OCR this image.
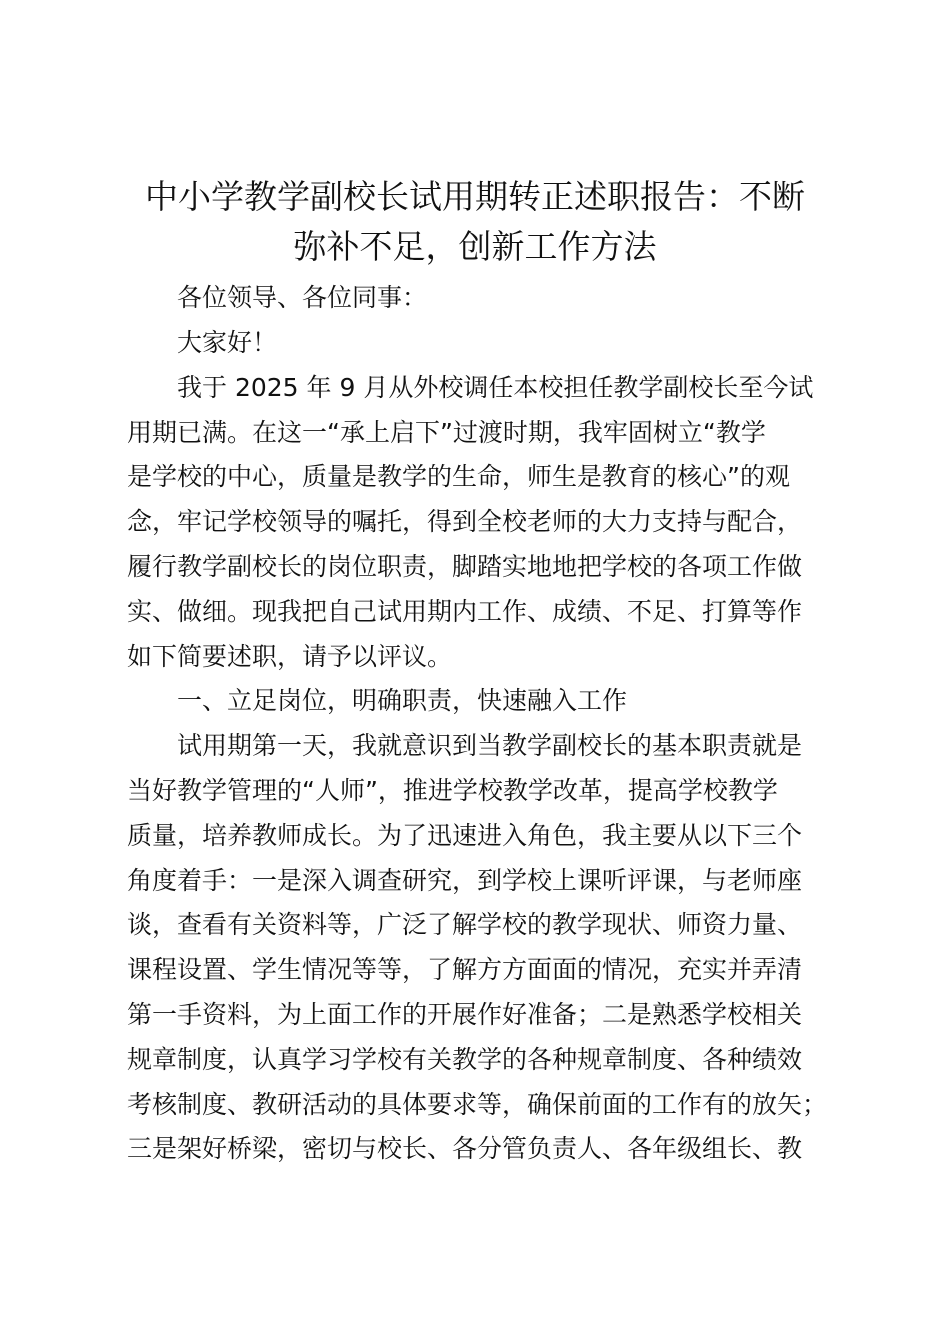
中小学教学副校长试用期转正述职报告：不断
弥补不足，创新工作方法

各位领导、各位同事：

大家好！

我于 2025 年 9 月从外校调任本校担任教学副校长至今试

用期已满。在这一“承上启下”过渡时期，我牢固树立“教学

是学校的中心，质量是教学的生命，师生是教育的核心”的观

念，牢记学校领导的嘱托，得到全校老师的大力支持与配合，

履行教学副校长的岗位职责，脚踏实地地把学校的各项工作做

实、做细。现我把自己试用期内工作、成绩、不足、打算等作

如下简要述职，请予以评议。

一、立足岗位，明确职责，快速融入工作

试用期第一天，我就意识到当教学副校长的基本职责就是

当好教学管理的“人师”，推进学校教学改革，提高学校教学

质量，培养教师成长。为了迅速进入角色，我主要从以下三个

角度着手：一是深入调查研究，到学校上课听评课，与老师座

谈，查看有关资料等，广泛了解学校的教学现状、师资力量、

课程设置、学生情况等等，了解方方面面的情况，充实并弄清

第一手资料，为上面工作的开展作好准备；二是熟悉学校相关

规章制度，认真学习学校有关教学的各种规章制度、各种绩效

考核制度、教研活动的具体要求等，确保前面的工作有的放矢；

三是架好桥梁，密切与校长、各分管负责人、各年级组长、教
